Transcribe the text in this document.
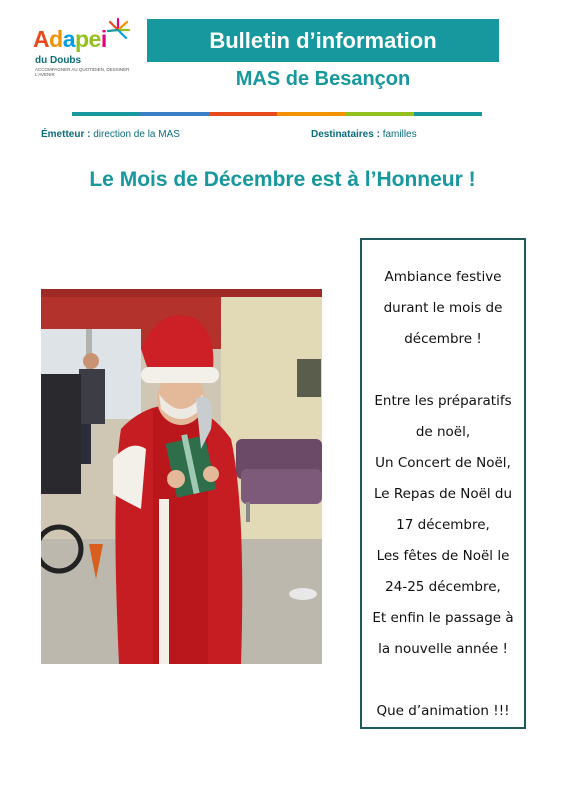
Adapei
du Doubs
ACCOMPAGNER AU QUOTIDIEN, DESSINER L'AVENIR
Bulletin d’information
MAS de Besançon
Émetteur : direction de la MAS	Destinataires : familles
Le Mois de Décembre est à l’Honneur !
Ambiance festive
durant le mois de
décembre !
Entre les préparatifs
de noël,
Un Concert de Noël,
Le Repas de Noël du
17 décembre,
Les fêtes de Noël le
24-25 décembre,
Et enfin le passage à
la nouvelle année !
Que d’animation !!!
